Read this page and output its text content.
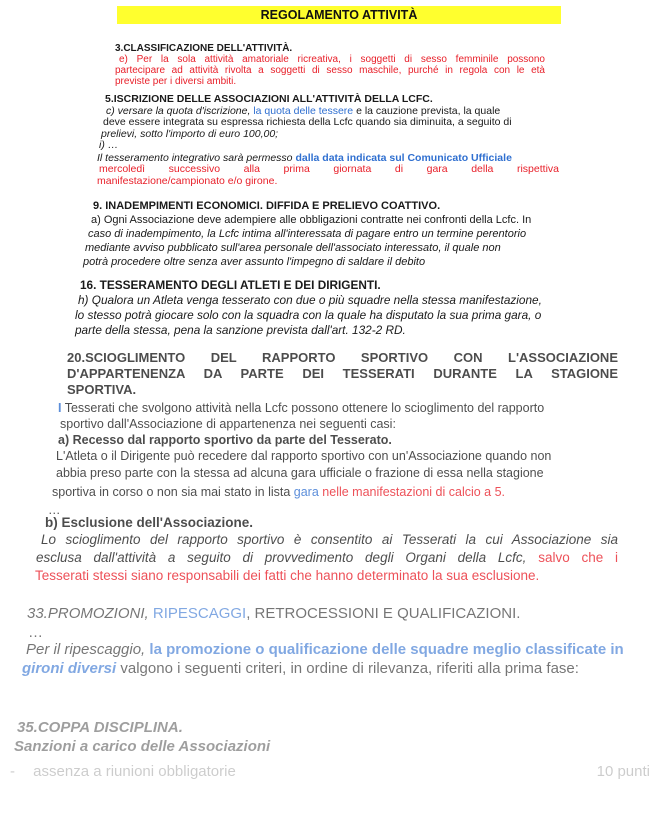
REGOLAMENTO ATTIVITÀ

3.CLASSIFICAZIONE DELL'ATTIVITÀ.

e) Per la sola attività amatoriale ricreativa, i soggetti di sesso femminile possono

partecipare ad attività rivolta a soggetti di sesso maschile, purché in regola con le età

previste per i diversi ambiti.

5.ISCRIZIONE DELLE ASSOCIAZIONI ALL'ATTIVITÀ DELLA LCFC.

c) versare la quota d'iscrizione, la quota delle tessere e la cauzione prevista, la quale

deve essere integrata su espressa richiesta della Lcfc quando sia diminuita, a seguito di

prelievi, sotto l'importo di euro 100,00;

i) …

Il tesseramento integrativo sarà permesso dalla data indicata sul Comunicato Ufficiale

mercoledì successivo alla prima giornata di gara della rispettiva

manifestazione/campionato e/o girone.

9. INADEMPIMENTI ECONOMICI. DIFFIDA E PRELIEVO COATTIVO.

a) Ogni Associazione deve adempiere alle obbligazioni contratte nei confronti della Lcfc. In

caso di inadempimento, la Lcfc intima all'interessata di pagare entro un termine perentorio

mediante avviso pubblicato sull'area personale dell'associato interessato, il quale non

potrà procedere oltre senza aver assunto l'impegno di saldare il debito

16. TESSERAMENTO DEGLI ATLETI E DEI DIRIGENTI.

h) Qualora un Atleta venga tesserato con due o più squadre nella stessa manifestazione,

lo stesso potrà giocare solo con la squadra con la quale ha disputato la sua prima gara, o

parte della stessa, pena la sanzione prevista dall'art. 132-2 RD.

20.SCIOGLIMENTO DEL RAPPORTO SPORTIVO CON L'ASSOCIAZIONE

D'APPARTENENZA DA PARTE DEI TESSERATI DURANTE LA STAGIONE

SPORTIVA.

I Tesserati che svolgono attività nella Lcfc possono ottenere lo scioglimento del rapporto

sportivo dall'Associazione di appartenenza nei seguenti casi:

a) Recesso dal rapporto sportivo da parte del Tesserato.

L'Atleta o il Dirigente può recedere dal rapporto sportivo con un'Associazione quando non

abbia preso parte con la stessa ad alcuna gara ufficiale o frazione di essa nella stagione

sportiva in corso o non sia mai stato in lista gara nelle manifestazioni di calcio a 5.

…

b) Esclusione dell'Associazione.

Lo scioglimento del rapporto sportivo è consentito ai Tesserati la cui Associazione sia

esclusa dall'attività a seguito di provvedimento degli Organi della Lcfc, salvo che i

Tesserati stessi siano responsabili dei fatti che hanno determinato la sua esclusione.

33.PROMOZIONI, RIPESCAGGI, RETROCESSIONI E QUALIFICAZIONI.

…

Per il ripescaggio, la promozione o qualificazione delle squadre meglio classificate in

gironi diversi valgono i seguenti criteri, in ordine di rilevanza, riferiti alla prima fase:

35.COPPA DISCIPLINA.

Sanzioni a carico delle Associazioni

- assenza a riunioni obbligatorie	10 punti
